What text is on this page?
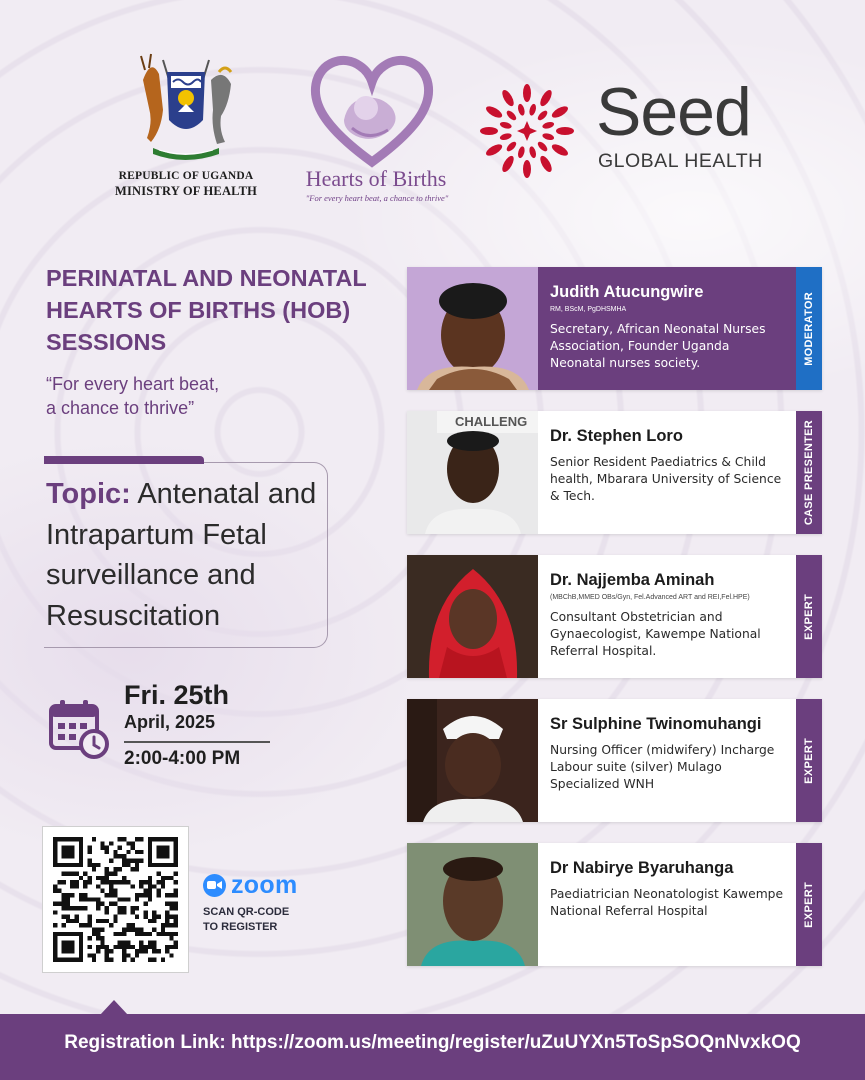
REPUBLIC OF UGANDA
MINISTRY OF HEALTH	Hearts of Births
"For every heart beat, a chance to thrive"
Seed
GLOBAL HEALTH
PERINATAL AND NEONATAL HEARTS OF BIRTHS (HOB) SESSIONS
“For every heart beat,
a chance to thrive”
Topic: Antenatal and Intrapartum Fetal surveillance and Resuscitation
Fri. 25th
April, 2025
2:00-4:00 PM
zoom
SCAN QR-CODE
TO REGISTER
Judith Atucungwire
RM, BScM, PgDHSMHA
Secretary, African Neonatal Nurses Association, Founder Uganda Neonatal nurses society.	MODERATOR
CHALLENG
Dr. Stephen Loro
Senior Resident Paediatrics & Child health, Mbarara University of Science & Tech.	CASE PRESENTER
Dr. Najjemba Aminah
(MBChB,MMED OBs/Gyn, Fel.Advanced ART and REI,Fel.HPE)
Consultant Obstetrician and Gynaecologist, Kawempe National Referral Hospital.
EXPERT
Sr Sulphine Twinomuhangi
Nursing Officer (midwifery) Incharge Labour suite (silver) Mulago Specialized WNH
EXPERT
Dr Nabirye Byaruhanga
Paediatrician Neonatologist Kawempe National Referral Hospital	EXPERT
Registration Link: https://zoom.us/meeting/register/uZuUYXn5ToSpSOQnNvxkOQ
